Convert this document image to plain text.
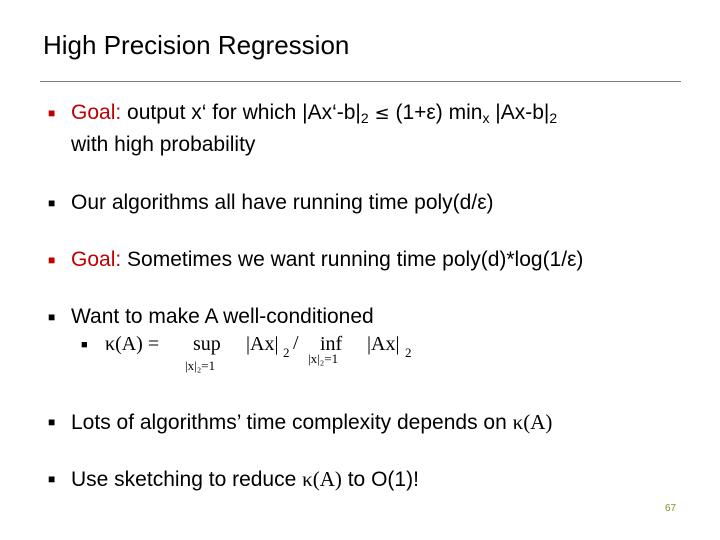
High Precision Regression
■ Goal: output x‘ for which $|Ax‘-b|_2 \le (1+\varepsilon)$ $\min_x |Ax-b|_2$
with high probability
■ Our algorithms all have running time poly(d/ε)
■ Goal: Sometimes we want running time poly(d)*log(1/ε)
■ Want to make A well-conditioned
■ κ(A) = sup |Ax| 2 / inf |Ax| 2
|x|₂=1	|x|₂=1
■ Lots of algorithms’ time complexity depends on κ(A)
■ Use sketching to reduce κ(A) to O(1)!
67
